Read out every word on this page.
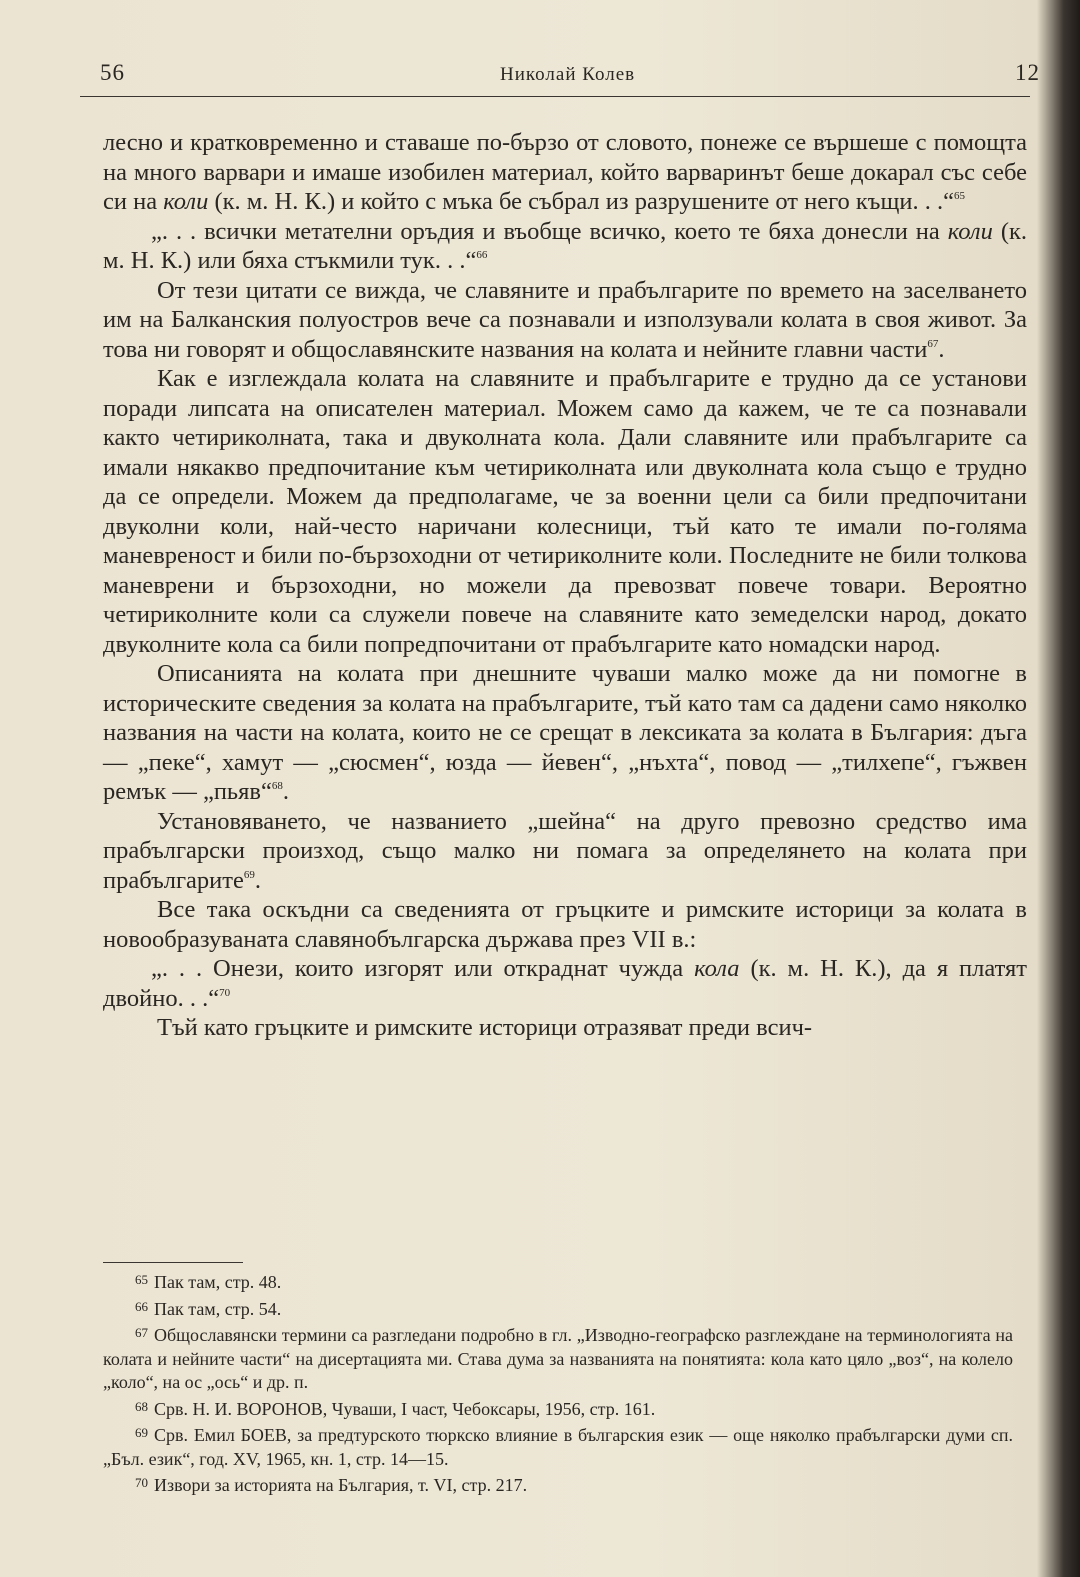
56	Николай Колев	12

лесно и кратковременно и ставаше по-бързо от словото, понеже се вършеше с помощта на много варвари и имаше изобилен материал, който варваринът беше докарал със себе си на коли (к. м. Н. К.) и който с мъка бе събрал из разрушените от него къщи. . .“$^{65}$

„. . . всички метателни оръдия и въобще всичко, което те бяха донесли на коли (к. м. Н. К.) или бяха стъкмили тук. . .“$^{66}$

От тези цитати се вижда, че славяните и прабългарите по времето на заселването им на Балканския полуостров вече са познавали и използували колата в своя живот. За това ни говорят и общославянските названия на колата и нейните главни части$^{67}$.

Как е изглеждала колата на славяните и прабългарите е трудно да се установи поради липсата на описателен материал. Можем само да кажем, че те са познавали както четириколната, така и двуколната кола. Дали славяните или прабългарите са имали някакво предпочитание към четириколната или двуколната кола също е трудно да се определи. Можем да предполагаме, че за военни цели са били предпочитани двуколни коли, най-често наричани колесници, тъй като те имали по-голяма маневреност и били по-бързоходни от четириколните коли. Последните не били толкова маневрени и бързоходни, но можели да превозват повече товари. Вероятно четириколните коли са служели повече на славяните като земеделски народ, докато двуколните кола са били попредпочитани от прабългарите като номадски народ.

Описанията на колата при днешните чуваши малко може да ни помогне в историческите сведения за колата на прабългарите, тъй като там са дадени само няколко названия на части на колата, които не се срещат в лексиката за колата в България: дъга — „пеке“, хамут — „сюсмен“, юзда — йевен“, „нъхта“, повод — „тилхепе“, гъжвен ремък — „пьяв“$^{68}$.

Установяването, че названието „шейна“ на друго превозно средство има прабългарски произход, също малко ни помага за определянето на колата при прабългарите$^{69}$.

Все така оскъдни са сведенията от гръцките и римските историци за колата в новообразуваната славянобългарска държава през VII в.:

„. . . Онези, които изгорят или откраднат чужда кола (к. м. Н. К.), да я платят двойно. . .“$^{70}$

Тъй като гръцките и римските историци отразяват преди всич-

$^{65}$ Пак там, стр. 48.

$^{66}$ Пак там, стр. 54.

$^{67}$ Общославянски термини са разгледани подробно в гл. „Изводно-географско разглеждане на терминологията на колата и нейните части“ на дисертацията ми. Става дума за названията на понятията: кола като цяло „воз“, на колело „коло“, на ос „ось“ и др. п.

$^{68}$ Срв. Н. И. ВОРОНОВ, Чуваши, I част, Чебоксары, 1956, стр. 161.

$^{69}$ Срв. Емил БОЕВ, за предтурското тюркско влияние в българския език — още няколко прабългарски думи сп. „Бъл. език“, год. XV, 1965, кн. 1, стр. 14—15.

$^{70}$ Извори за историята на България, т. VI, стр. 217.
